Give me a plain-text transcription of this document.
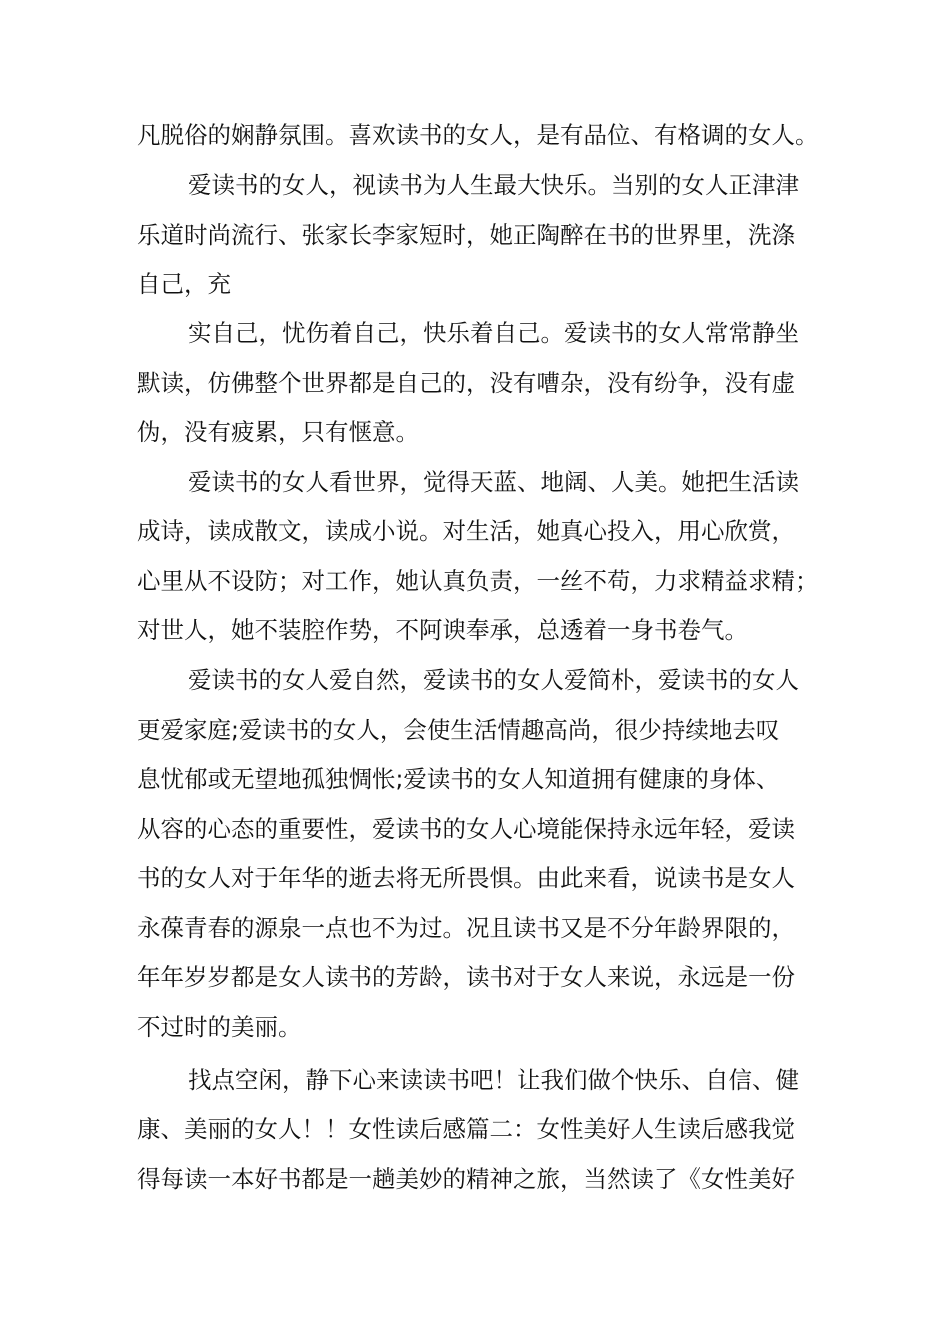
凡脱俗的娴静氛围。喜欢读书的女人，是有品位、有格调的女人。
爱读书的女人，视读书为人生最大快乐。当别的女人正津津
乐道时尚流行、张家长李家短时，她正陶醉在书的世界里，洗涤
自己，充
实自己，忧伤着自己，快乐着自己。爱读书的女人常常静坐
默读，仿佛整个世界都是自己的，没有嘈杂，没有纷争，没有虚
伪，没有疲累，只有惬意。
爱读书的女人看世界，觉得天蓝、地阔、人美。她把生活读
成诗，读成散文，读成小说。对生活，她真心投入，用心欣赏，
心里从不设防；对工作，她认真负责，一丝不苟，力求精益求精；
对世人，她不装腔作势，不阿谀奉承，总透着一身书卷气。
爱读书的女人爱自然，爱读书的女人爱简朴，爱读书的女人
更爱家庭;爱读书的女人，会使生活情趣高尚，很少持续地去叹
息忧郁或无望地孤独惆怅;爱读书的女人知道拥有健康的身体、
从容的心态的重要性，爱读书的女人心境能保持永远年轻，爱读
书的女人对于年华的逝去将无所畏惧。由此来看，说读书是女人
永葆青春的源泉一点也不为过。况且读书又是不分年龄界限的，
年年岁岁都是女人读书的芳龄，读书对于女人来说，永远是一份
不过时的美丽。
找点空闲，静下心来读读书吧！让我们做个快乐、自信、健
康、美丽的女人！！女性读后感篇二：女性美好人生读后感我觉
得每读一本好书都是一趟美妙的精神之旅，当然读了《女性美好
